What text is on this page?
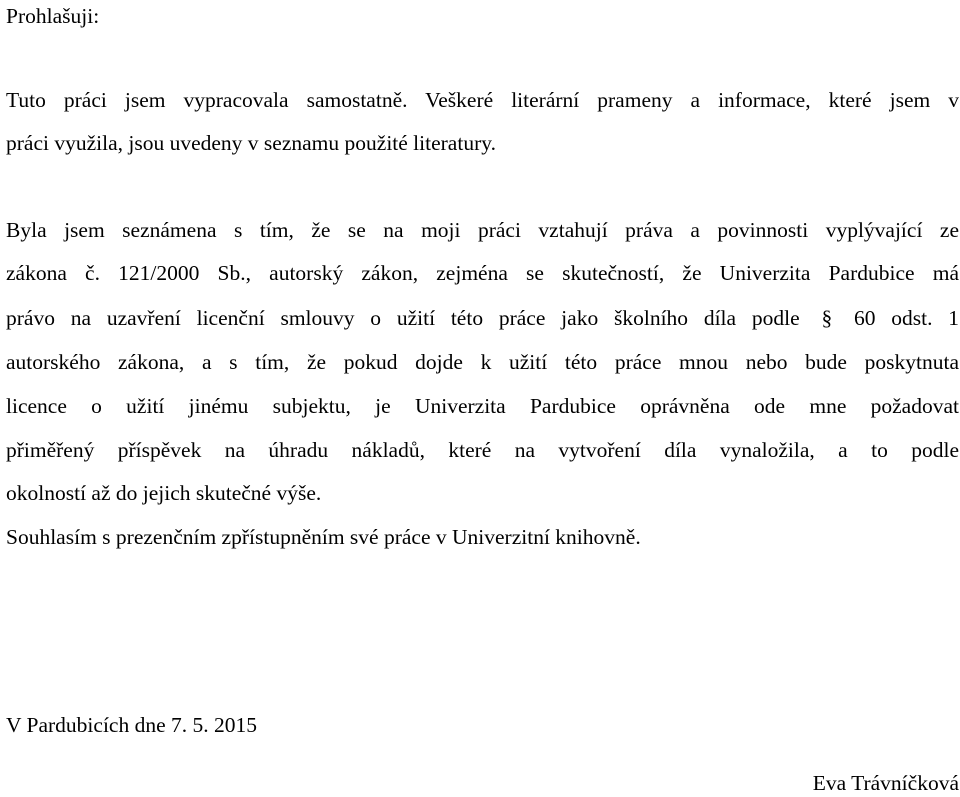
Prohlašuji:
Tuto práci jsem vypracovala samostatně. Veškeré literární prameny a informace, které jsem v
práci využila, jsou uvedeny v seznamu použité literatury.
Byla jsem seznámena s tím, že se na moji práci vztahují práva a povinnosti vyplývající ze
zákona č. 121/2000 Sb., autorský zákon, zejména se skutečností, že Univerzita Pardubice má
právo na uzavření licenční smlouvy o užití této práce jako školního díla podle § 60 odst. 1
autorského zákona, a s tím, že pokud dojde k užití této práce mnou nebo bude poskytnuta
licence o užití jinému subjektu, je Univerzita Pardubice oprávněna ode mne požadovat
přiměřený příspěvek na úhradu nákladů, které na vytvoření díla vynaložila, a to podle
okolností až do jejich skutečné výše.
Souhlasím s prezenčním zpřístupněním své práce v Univerzitní knihovně.
V Pardubicích dne 7. 5. 2015
Eva Trávníčková
